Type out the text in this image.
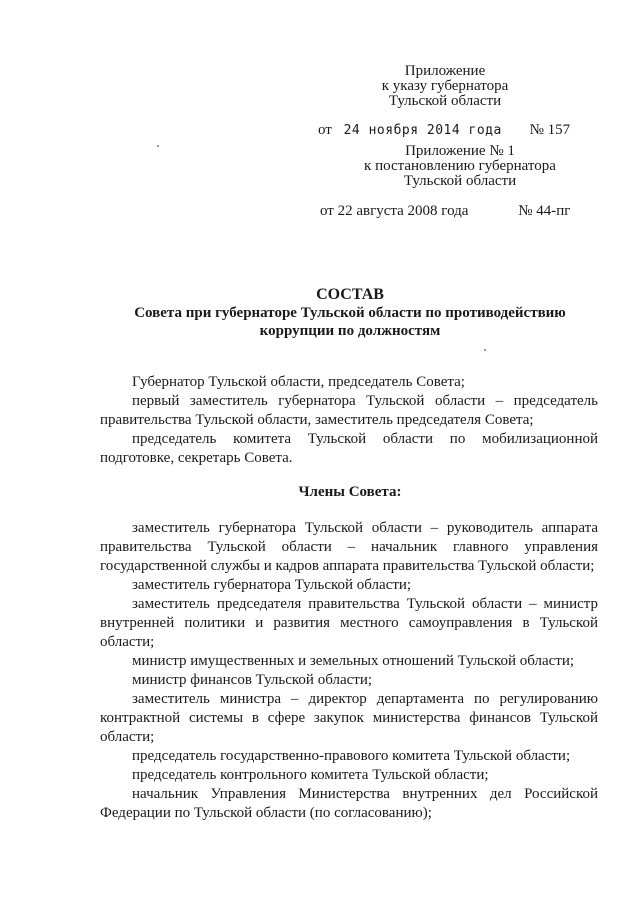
Приложение
к указу губернатора
Тульской области
от 24 ноября 2014 года № 157
Приложение № 1
к постановлению губернатора
Тульской области
от 22 августа 2008 года	№ 44-пг
СОСТАВ
Совета при губернаторе Тульской области по противодействию коррупции по должностям

Губернатор Тульской области, председатель Совета;

первый заместитель губернатора Тульской области – председатель правительства Тульской области, заместитель председателя Совета;

председатель комитета Тульской области по мобилизационной подготовке, секретарь Совета.

Члены Совета:

заместитель губернатора Тульской области – руководитель аппарата правительства Тульской области – начальник главного управления государственной службы и кадров аппарата правительства Тульской области;

заместитель губернатора Тульской области;

заместитель председателя правительства Тульской области – министр внутренней политики и развития местного самоуправления в Тульской области;

министр имущественных и земельных отношений Тульской области;

министр финансов Тульской области;

заместитель министра – директор департамента по регулированию контрактной системы в сфере закупок министерства финансов Тульской области;

председатель государственно-правового комитета Тульской области;

председатель контрольного комитета Тульской области;

начальник Управления Министерства внутренних дел Российской Федерации по Тульской области (по согласованию);
